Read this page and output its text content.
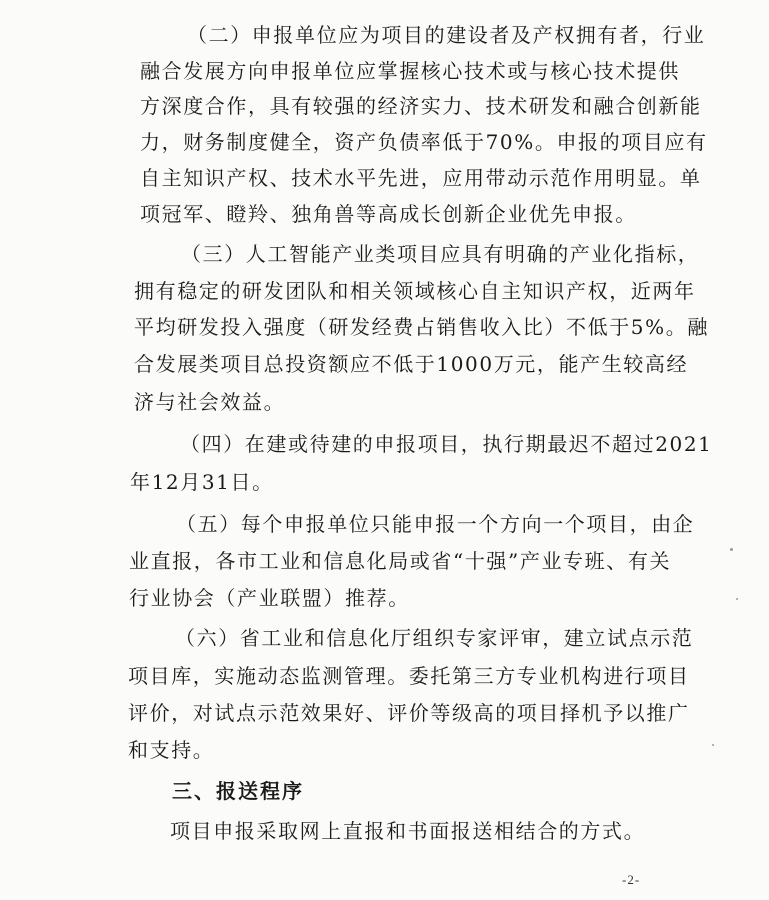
（二）申报单位应为项目的建设者及产权拥有者，行业
融合发展方向申报单位应掌握核心技术或与核心技术提供
方深度合作，具有较强的经济实力、技术研发和融合创新能
力，财务制度健全，资产负债率低于70%。申报的项目应有
自主知识产权、技术水平先进，应用带动示范作用明显。单
项冠军、瞪羚、独角兽等高成长创新企业优先申报。
（三）人工智能产业类项目应具有明确的产业化指标，
拥有稳定的研发团队和相关领域核心自主知识产权，近两年
平均研发投入强度（研发经费占销售收入比）不低于5%。融
合发展类项目总投资额应不低于1000万元，能产生较高经
济与社会效益。
（四）在建或待建的申报项目，执行期最迟不超过2021
年12月31日。
（五）每个申报单位只能申报一个方向一个项目，由企
业直报，各市工业和信息化局或省“十强”产业专班、有关
行业协会（产业联盟）推荐。
（六）省工业和信息化厅组织专家评审，建立试点示范
项目库，实施动态监测管理。委托第三方专业机构进行项目
评价，对试点示范效果好、评价等级高的项目择机予以推广
和支持。
三、报送程序
项目申报采取网上直报和书面报送相结合的方式。
-2-
